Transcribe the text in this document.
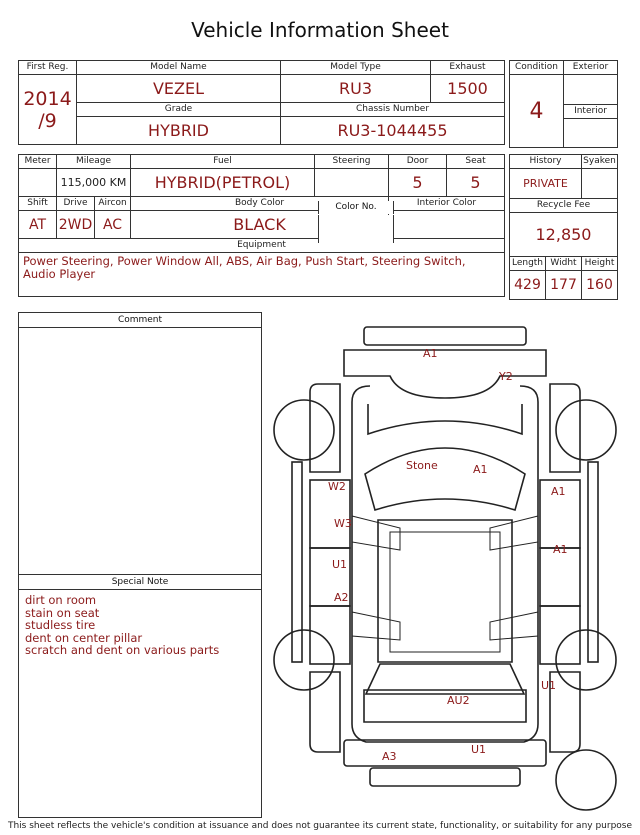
Vehicle Information Sheet
First Reg.	Model Name	Model Type	Exhaust

2014
/9	VEZEL	RU3	1500
	Grade	Chassis Number	
	HYBRID	RU3-1044455	
Condition	Exterior
4	
	Interior

Meter	Mileage		Fuel	Steering	Door	Seat
	115,000 KM		HYBRID(PETROL)		5	5
Shift	Drive	Aircon	Body Color		Interior Color	
AT	2WD	AC	BLACK			
Equipment						
Power Steering, Power Window All, ABS, Air Bag, Push Start, Steering Switch, Audio Player						
Color No.
History		Syaken
PRIVATE		
Recycle Fee		
12,850		
Length	Widht	Height
429	177	160
Comment
Special Note
dirt on room
stain on seat
studless tire
dent on center pillar
scratch and dent on various parts
A1
Y2
Stone	A1
W2
W3
U1
A2
A1
A1
AU2
U1
A3
U1
This sheet reflects the vehicle's condition at issuance and does not guarantee its current state, functionality, or suitability for any purpose
